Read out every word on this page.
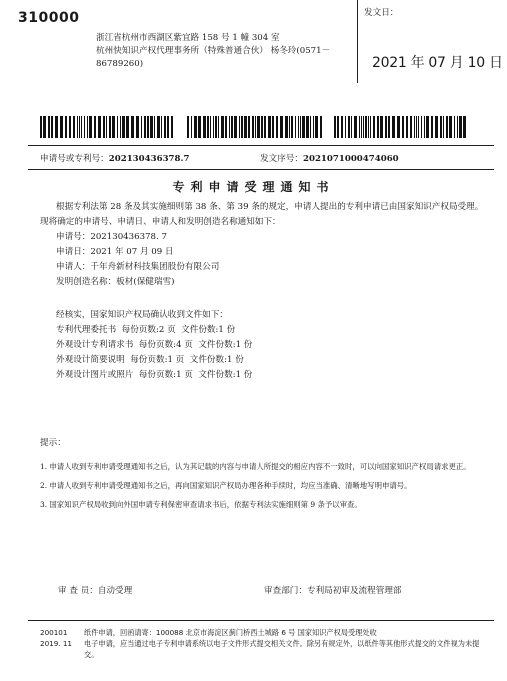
310000
浙江省杭州市西湖区紫宜路 158 号 1 幢 304 室
杭州快知识产权代理事务所（特殊普通合伙） 杨冬玲(0571－
86789260)
发文日：
2021 年 07 月 10 日
申请号或专利号：202130436378.7	发文序号：2021071000474060
专利申请受理通知书

根据专利法第 28 条及其实施细则第 38 条、第 39 条的规定，申请人提出的专利申请已由国家知识产权局受理。现将确定的申请号、申请日、申请人和发明创造名称通知如下：

申请号：202130436378. 7

申请日：2021 年 07 月 09 日

申请人：千年舟新材科技集团股份有限公司

发明创造名称：板材(保健瑞雪)

经核实，国家知识产权局确认收到文件如下：

专利代理委托书  每份页数:2 页  文件份数:1 份

外观设计专利请求书  每份页数:4 页  文件份数:1 份

外观设计简要说明  每份页数:1 页  文件份数:1 份

外观设计图片或照片  每份页数:1 页  文件份数:1 份

提示：

1. 申请人收到专利申请受理通知书之后，认为其记载的内容与申请人所提交的相应内容不一致时，可以向国家知识产权局请求更正。

2. 申请人收到专利申请受理通知书之后，再向国家知识产权局办理各种手续时，均应当准确、清晰地写明申请号。

3. 国家知识产权局收到向外国申请专利保密审查请求书后，依据专利法实施细则第 9 条予以审查。

审 查 员：自动受理	审查部门：专利局初审及流程管理部

200101

2019. 11

纸件申请，回函请寄：100088 北京市海淀区蓟门桥西土城路 6 号 国家知识产权局受理处收

电子申请，应当通过电子专利申请系统以电子文件形式提交相关文件。除另有规定外，以纸件等其他形式提交的文件视为未提交。
